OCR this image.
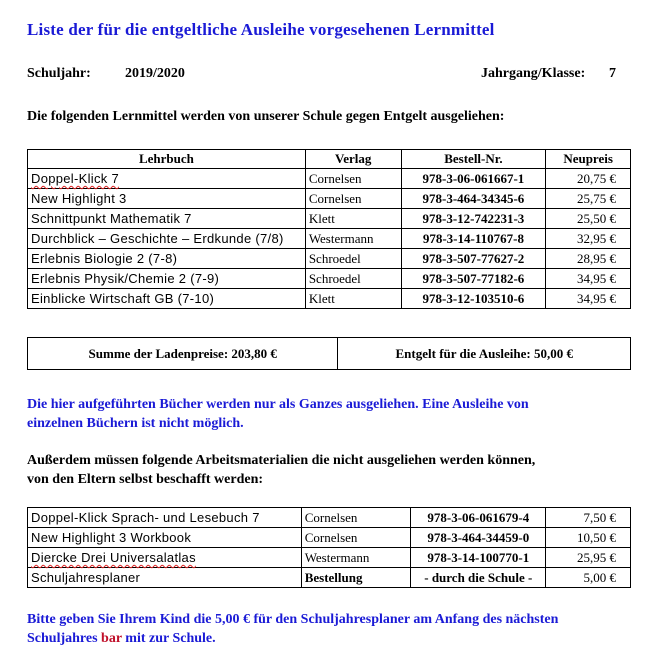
Liste der für die entgeltliche Ausleihe vorgesehenen Lernmittel
Schuljahr: 2019/2020	Jahrgang/Klasse: 7
Die folgenden Lernmittel werden von unserer Schule gegen Entgelt ausgeliehen:
Lehrbuch	Verlag	Bestell-Nr.	Neupreis
Doppel-Klick 7	Cornelsen	978-3-06-061667-1	20,75 €
New Highlight 3	Cornelsen	978-3-464-34345-6	25,75 €
Schnittpunkt Mathematik 7	Klett	978-3-12-742231-3	25,50 €
Durchblick – Geschichte – Erdkunde (7/8)	Westermann	978-3-14-110767-8	32,95 €
Erlebnis Biologie 2 (7-8)	Schroedel	978-3-507-77627-2	28,95 €
Erlebnis Physik/Chemie 2 (7-9)	Schroedel	978-3-507-77182-6	34,95 €
Einblicke Wirtschaft GB (7-10)	Klett	978-3-12-103510-6	34,95 €
Summe der Ladenpreise: 203,80 €	Entgelt für die Ausleihe: 50,00 €
Die hier aufgeführten Bücher werden nur als Ganzes ausgeliehen. Eine Ausleihe von
einzelnen Büchern ist nicht möglich.
Außerdem müssen folgende Arbeitsmaterialien die nicht ausgeliehen werden können,
von den Eltern selbst beschafft werden:
Doppel-Klick Sprach- und Lesebuch 7	Cornelsen	978-3-06-061679-4	7,50 €
New Highlight 3 Workbook	Cornelsen	978-3-464-34459-0	10,50 €
Diercke Drei Universalatlas	Westermann	978-3-14-100770-1	25,95 €
Schuljahresplaner	Bestellung	- durch die Schule -	5,00 €
Bitte geben Sie Ihrem Kind die 5,00 € für den Schuljahresplaner am Anfang des nächsten
Schuljahres bar mit zur Schule.
